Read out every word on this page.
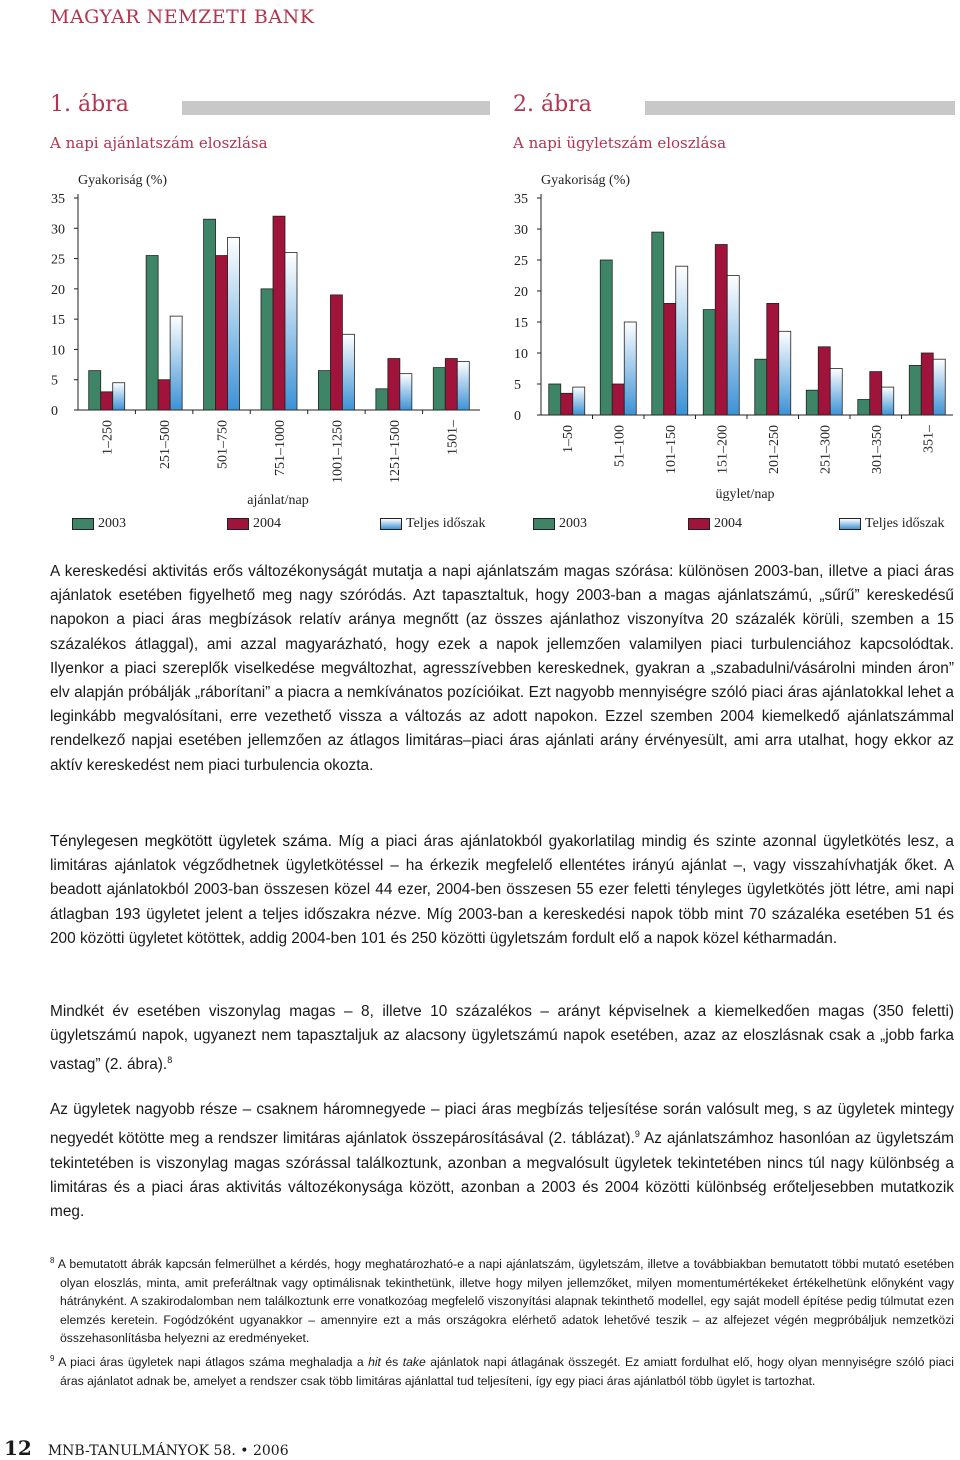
MAGYAR NEMZETI BANK
1. ábra
A napi ajánlatszám eloszlása
2. ábra
A napi ügyletszám eloszlása
Gyakoriság (%)
0
5
10
15
20
25
30
35
1–250	251–500	501–750	751–1000	1001–1250	1251–1500	1501–
ajánlat/nap
Gyakoriság (%)
0
5
10
15
20
25
30
35
1–50	51–100	101–150	151–200	201–250	251–300	301–350	351–
ügylet/nap
2003	2004	Teljes időszak	2003	2004	Teljes időszak

A kereskedési aktivitás erős változékonyságát mutatja a napi ajánlatszám magas szórása: különösen 2003-ban, illetve a piaci áras ajánlatok esetében figyelhető meg nagy szóródás. Azt tapasztaltuk, hogy 2003-ban a magas ajánlatszámú, „sűrű” kereskedésű napokon a piaci áras megbízások relatív aránya megnőtt (az összes ajánlathoz viszonyítva 20 százalék körüli, szemben a 15 százalékos átlaggal), ami azzal magyarázható, hogy ezek a napok jellemzően valamilyen piaci turbulenciához kapcsolódtak. Ilyenkor a piaci szereplők viselkedése megváltozhat, agresszívebben kereskednek, gyakran a „szabadulni/vásárolni minden áron” elv alapján próbálják „ráborítani” a piacra a nemkívánatos pozícióikat. Ezt nagyobb mennyiségre szóló piaci áras ajánlatokkal lehet a leginkább megvalósítani, erre vezethető vissza a változás az adott napokon. Ezzel szemben 2004 kiemelkedő ajánlatszámmal rendelkező napjai esetében jellemzően az átlagos limitáras–piaci áras ajánlati arány érvényesült, ami arra utalhat, hogy ekkor az aktív kereskedést nem piaci turbulencia okozta.

Ténylegesen megkötött ügyletek száma. Míg a piaci áras ajánlatokból gyakorlatilag mindig és szinte azonnal ügyletkötés lesz, a limitáras ajánlatok végződhetnek ügyletkötéssel – ha érkezik megfelelő ellentétes irányú ajánlat –, vagy visszahívhatják őket. A beadott ajánlatokból 2003-ban összesen közel 44 ezer, 2004-ben összesen 55 ezer feletti tényleges ügyletkötés jött létre, ami napi átlagban 193 ügyletet jelent a teljes időszakra nézve. Míg 2003-ban a kereskedési napok több mint 70 százaléka esetében 51 és 200 közötti ügyletet kötöttek, addig 2004-ben 101 és 250 közötti ügyletszám fordult elő a napok közel kétharmadán.

Mindkét év esetében viszonylag magas – 8, illetve 10 százalékos – arányt képviselnek a kiemelkedően magas (350 feletti) ügyletszámú napok, ugyanezt nem tapasztaljuk az alacsony ügyletszámú napok esetében, azaz az eloszlásnak csak a „jobb farka vastag” (2. ábra).$^8$

Az ügyletek nagyobb része – csaknem háromnegyede – piaci áras megbízás teljesítése során valósult meg, s az ügyletek mintegy negyedét kötötte meg a rendszer limitáras ajánlatok összepárosításával (2. táblázat).$^9$ Az ajánlatszámhoz hasonlóan az ügyletszám tekintetében is viszonylag magas szórással találkoztunk, azonban a megvalósult ügyletek tekintetében nincs túl nagy különbség a limitáras és a piaci áras aktivitás változékonysága között, azonban a 2003 és 2004 közötti különbség erőteljesebben mutatkozik meg.

$^8$ A bemutatott ábrák kapcsán felmerülhet a kérdés, hogy meghatározható-e a napi ajánlatszám, ügyletszám, illetve a továbbiakban bemutatott többi mutató esetében olyan eloszlás, minta, amit preferáltnak vagy optimálisnak tekinthetünk, illetve hogy milyen jellemzőket, milyen momentumértékeket értékelhetünk előnyként vagy hátrányként. A szakirodalomban nem találkoztunk erre vonatkozóag megfelelő viszonyítási alapnak tekinthető modellel, egy saját modell építése pedig túlmutat ezen elemzés keretein. Fogódzóként ugyanakkor – amennyire ezt a más országokra elérhető adatok lehetővé teszik – az alfejezet végén megpróbáljuk nemzetközi összehasonlításba helyezni az eredményeket.

$^9$ A piaci áras ügyletek napi átlagos száma meghaladja a hit és take ajánlatok napi átlagának összegét. Ez amiatt fordulhat elő, hogy olyan mennyiségre szóló piaci áras ajánlatot adnak be, amelyet a rendszer csak több limitáras ajánlattal tud teljesíteni, így egy piaci áras ajánlatból több ügylet is tartozhat.

12 MNB-TANULMÁNYOK 58. • 2006
